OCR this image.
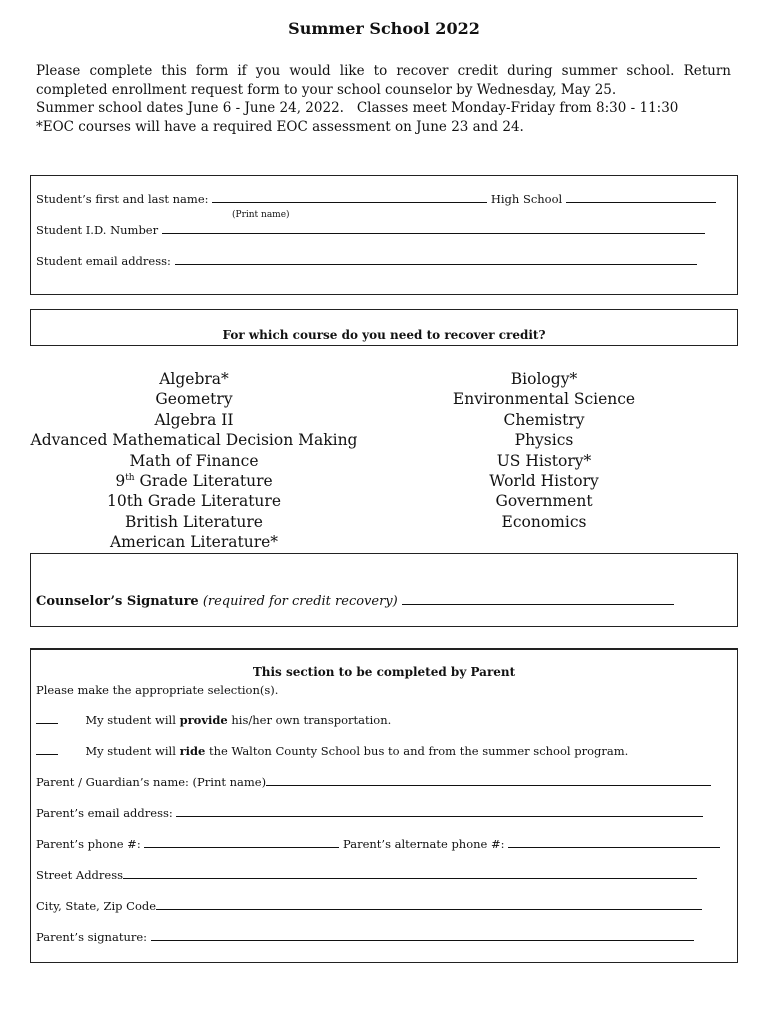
Summer School 2022
Please complete this form if you would like to recover credit during summer school. Return completed enrollment request form to your school counselor by Wednesday, May 25.
Summer school dates June 6 - June 24, 2022.   Classes meet Monday-Friday from 8:30 - 11:30
*EOC courses will have a required EOC assessment on June 23 and 24.
Student’s first and last name:	High School
(Print name)
Student I.D. Number
Student email address:
For which course do you need to recover credit?
Algebra*
Geometry
Algebra II
Advanced Mathematical Decision Making
Math of Finance
9th Grade Literature
10th Grade Literature
British Literature
American Literature*
Biology*
Environmental Science
Chemistry
Physics
US History*
World History
Government
Economics
Counselor’s Signature (required for credit recovery)
This section to be completed by Parent
Please make the appropriate selection(s).
My student will provide his/her own transportation.
My student will ride the Walton County School bus to and from the summer school program.
Parent / Guardian’s name: (Print name)
Parent’s email address:
Parent’s phone #:	Parent’s alternate phone #:
Street Address
City, State, Zip Code
Parent’s signature:
